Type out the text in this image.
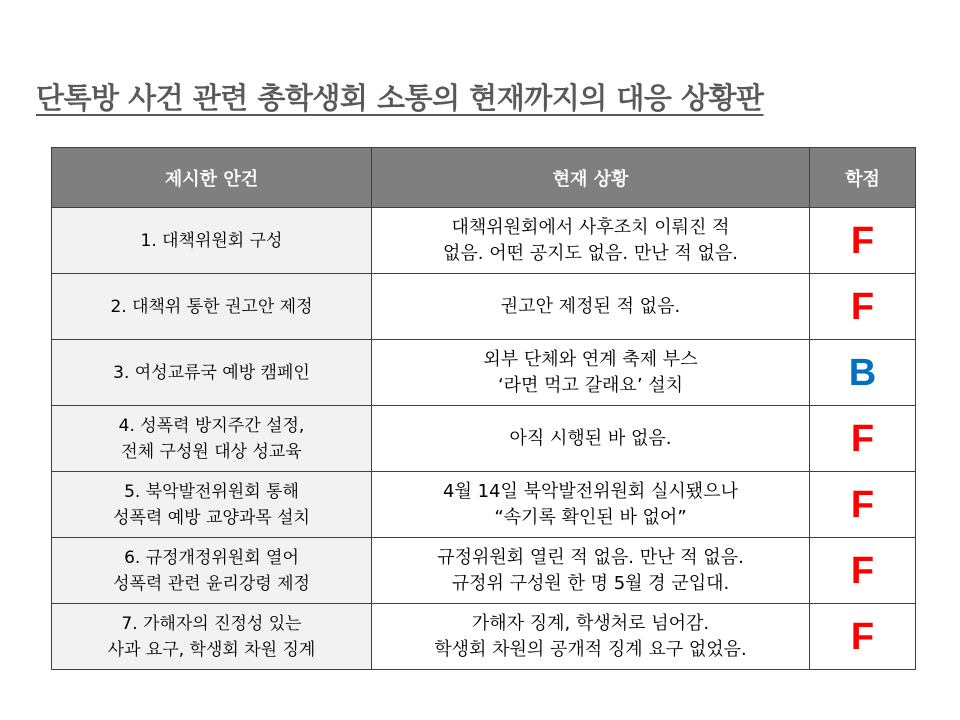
단톡방 사건 관련 총학생회 소통의 현재까지의 대응 상황판
제시한 안건	현재 상황	학점

1. 대책위원회 구성	대책위원회에서 사후조치 이뤄진 적
없음. 어떤 공지도 없음. 만난 적 없음.	F

2. 대책위 통한 권고안 제정	권고안 제정된 적 없음.	F

3. 여성교류국 예방 캠페인	외부 단체와 연계 축제 부스
‘라면 먹고 갈래요’ 설치	B

4. 성폭력 방지주간 설정,
전체 구성원 대상 성교육	아직 시행된 바 없음.	F

5. 북악발전위원회 통해
성폭력 예방 교양과목 설치	4월 14일 북악발전위원회 실시됐으나
“속기록 확인된 바 없어”	F

6. 규정개정위원회 열어
성폭력 관련 윤리강령 제정	규정위원회 열린 적 없음. 만난 적 없음.
규정위 구성원 한 명 5월 경 군입대.	F

7. 가해자의 진정성 있는
사과 요구, 학생회 차원 징계	가해자 징계, 학생처로 넘어감.
학생회 차원의 공개적 징계 요구 없었음.	F
